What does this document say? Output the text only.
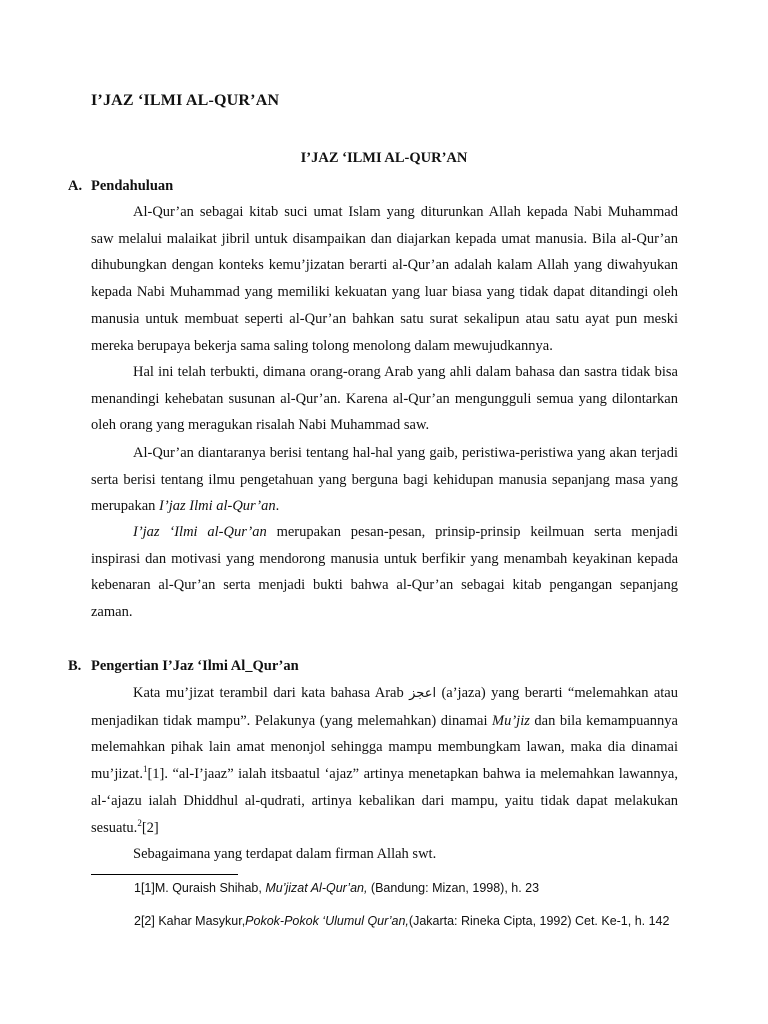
I’JAZ ‘ILMI AL-QUR’AN
I’JAZ ‘ILMI AL-QUR’AN
A. Pendahuluan

Al-Qur’an sebagai kitab suci umat Islam yang diturunkan Allah kepada Nabi Muhammad saw melalui malaikat jibril untuk disampaikan dan diajarkan kepada umat manusia. Bila al-Qur’an dihubungkan dengan konteks kemu’jizatan berarti al-Qur’an adalah kalam Allah yang diwahyukan kepada Nabi Muhammad yang memiliki kekuatan yang luar biasa yang tidak dapat ditandingi oleh manusia untuk membuat seperti al-Qur’an bahkan satu surat sekalipun atau satu ayat pun meski mereka berupaya bekerja sama saling tolong menolong dalam mewujudkannya.

Hal ini telah terbukti, dimana orang-orang Arab yang ahli dalam bahasa dan sastra tidak bisa menandingi kehebatan susunan al-Qur’an. Karena al-Qur’an mengungguli semua yang dilontarkan oleh orang yang meragukan risalah Nabi Muhammad saw.

Al-Qur’an diantaranya berisi tentang hal-hal yang gaib, peristiwa-peristiwa yang akan terjadi serta berisi tentang ilmu pengetahuan yang berguna bagi kehidupan manusia sepanjang masa yang merupakan I’jaz Ilmi al-Qur’an.

I’jaz ‘Ilmi al-Qur’an merupakan pesan-pesan, prinsip-prinsip keilmuan serta menjadi inspirasi dan motivasi yang mendorong manusia untuk berfikir yang menambah keyakinan kepada kebenaran al-Qur’an serta menjadi bukti bahwa al-Qur’an sebagai kitab pengangan sepanjang zaman.

B. Pengertian I’Jaz ‘Ilmi Al_Qur’an

Kata mu’jizat terambil dari kata bahasa Arab اعجز (a’jaza) yang berarti “melemahkan atau menjadikan tidak mampu”. Pelakunya (yang melemahkan) dinamai Mu’jiz dan bila kemampuannya melemahkan pihak lain amat menonjol sehingga mampu membungkam lawan, maka dia dinamai mu’jizat.$^1$[1]. “al-I’jaaz” ialah itsbaatul ‘ajaz” artinya menetapkan bahwa ia melemahkan lawannya, al-‘ajazu ialah Dhiddhul al-qudrati, artinya kebalikan dari mampu, yaitu tidak dapat melakukan sesuatu.$^2$[2]

Sebagaimana yang terdapat dalam firman Allah swt.

1[1]M. Quraish Shihab, Mu’jizat Al-Qur’an, (Bandung: Mizan, 1998), h. 23
2[2] Kahar Masykur,Pokok-Pokok ‘Ulumul Qur’an,(Jakarta: Rineka Cipta, 1992) Cet. Ke-1, h. 142
